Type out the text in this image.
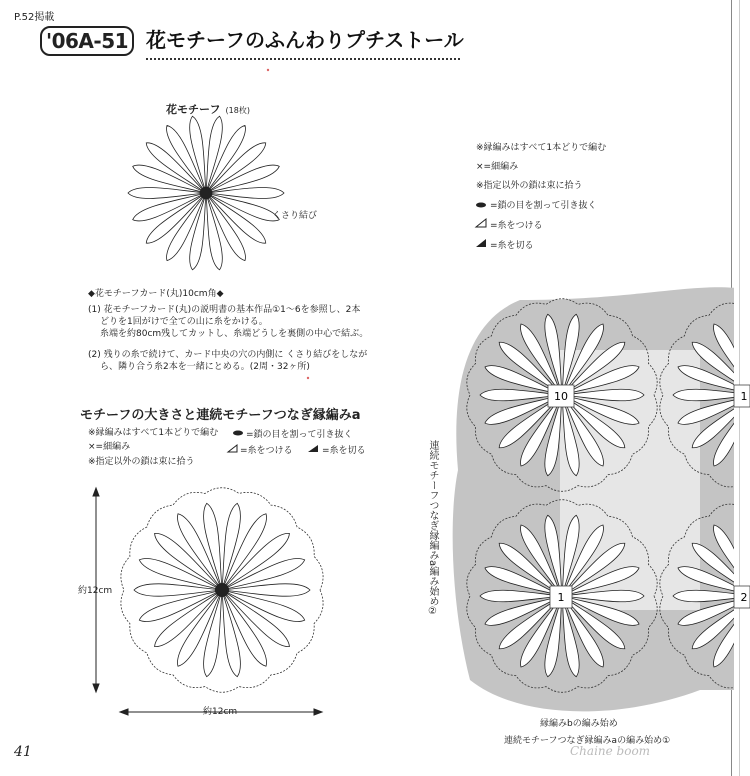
P.52掲載
'06A-51 花モチーフのふんわりプチストール
花モチーフ (18枚)
くさり結び
◆花モチーフカード(丸)10cm角◆
(1) 花モチーフカード(丸)の説明書の基本作品①1〜6を参照し、2本
どりを1回がけで全ての山に糸をかける。
糸端を約80cm残してカットし、糸端どうしを裏側の中心で結ぶ。
(2) 残りの糸で続けて、カード中央の穴の内側に くさり結びをしなが
ら、隣り合う糸2本を一緒にとめる。(2周・32ヶ所)
モチーフの大きさと連続モチーフつなぎ縁編みa
※縁編みはすべて1本どりで編む	=鎖の目を割って引き抜く
×=細編み	=糸をつける	=糸を切る
※指定以外の鎖は束に拾う
約12cm
約12cm
※縁編みはすべて1本どりで編む
×=細編み
※指定以外の鎖は束に拾う
=鎖の目を割って引き抜く
=糸をつける
=糸を切る
連続モチーフつなぎ縁編みa編み始め②
縁編みbの編み始め
連続モチーフつなぎ縁編みaの編み始め①
41	Chaine boom
10	1
1	2
